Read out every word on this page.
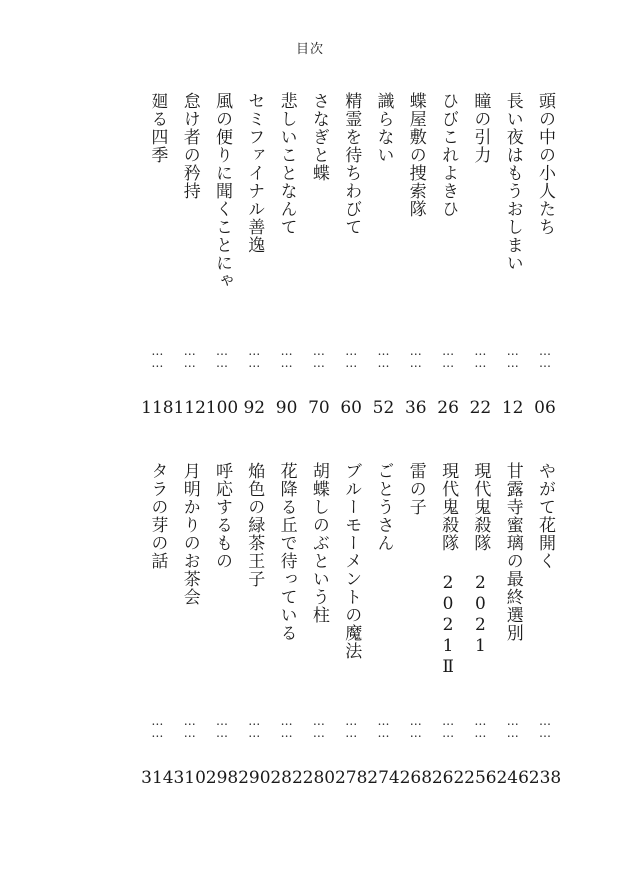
目次
頭の中の小人たち
……
06
長い夜はもうおしまい
……
12
瞳の引力
……
22
ひびこれよきひ
……
26
蝶屋敷の捜索隊
……
36
識らない
……
52
精霊を待ちわびて
……
60
さなぎと蝶
……
70
悲しいことなんて
……
90
セミファイナル善逸
……
92
風の便りに聞くことにゃ
……
100
怠け者の矜持
……
112
廻る四季
……
118
やがて花開く
……
238
甘露寺蜜璃の最終選別
……
246
現代鬼殺隊 2021
……
256
現代鬼殺隊 2021Ⅱ
……
262
雷の子
……
268
ごとうさん
……
274
ブルーモーメントの魔法
……
278
胡蝶しのぶという柱
……
280
花降る丘で待っている
……
282
焔色の緑茶王子
……
290
呼応するもの
……
298
月明かりのお茶会
……
310
タラの芽の話
……
314
